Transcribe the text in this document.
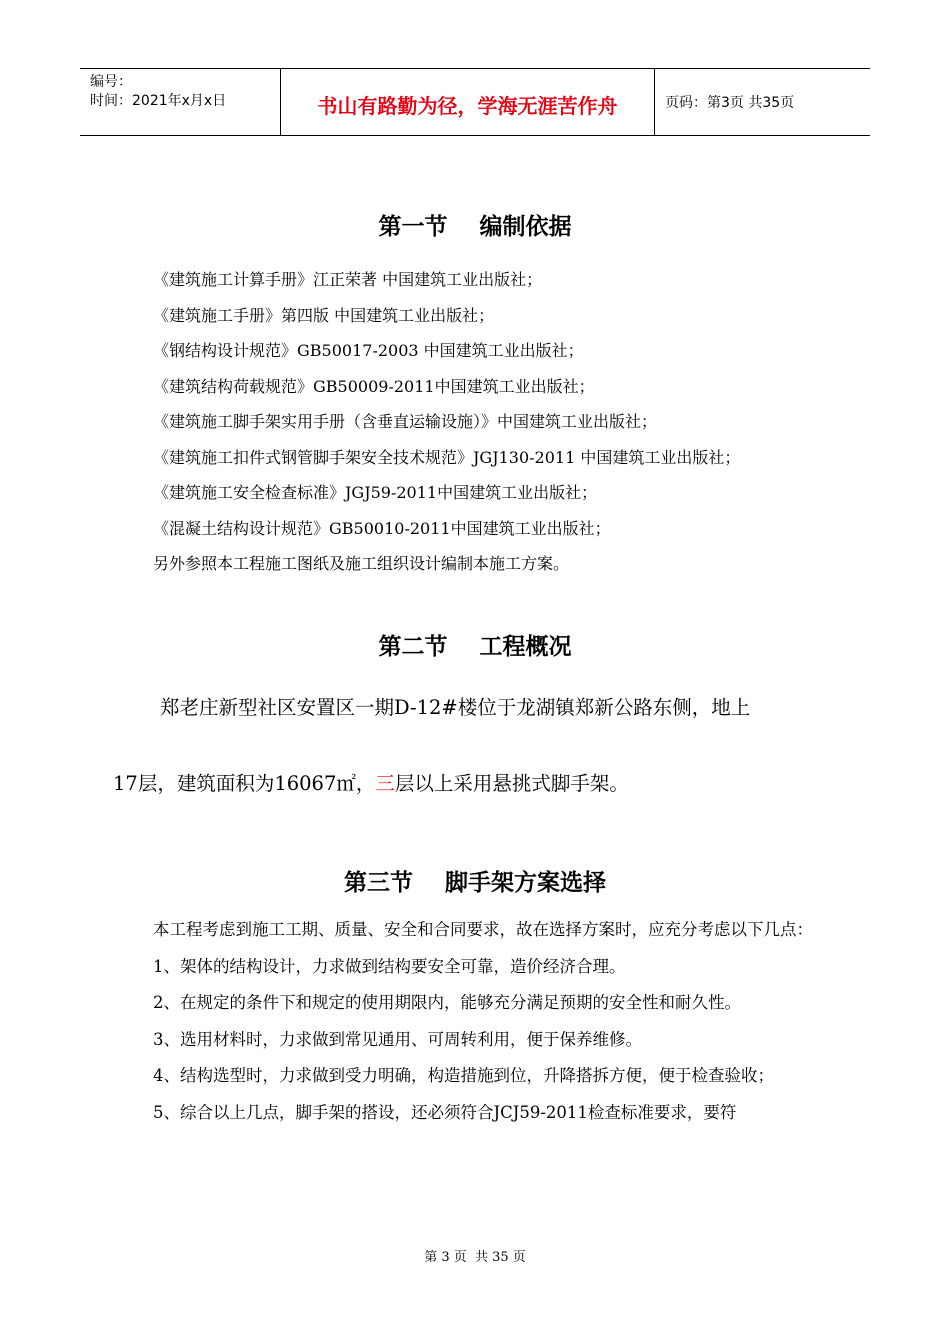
编号：
时间：2021年x月x日	书山有路勤为径，学海无涯苦作舟	页码：第3页 共35页
第一节    编制依据
《建筑施工计算手册》江正荣著 中国建筑工业出版社；
《建筑施工手册》第四版 中国建筑工业出版社；
《钢结构设计规范》GB50017-2003 中国建筑工业出版社；
《建筑结构荷载规范》GB50009-2011中国建筑工业出版社；
《建筑施工脚手架实用手册（含垂直运输设施）》中国建筑工业出版社；
《建筑施工扣件式钢管脚手架安全技术规范》JGJ130-2011 中国建筑工业出版社；
《建筑施工安全检查标准》JGJ59-2011中国建筑工业出版社；
《混凝土结构设计规范》GB50010-2011中国建筑工业出版社；
另外参照本工程施工图纸及施工组织设计编制本施工方案。
第二节    工程概况
郑老庄新型社区安置区一期D-12#楼位于龙湖镇郑新公路东侧，地上
17层，建筑面积为16067㎡，三层以上采用悬挑式脚手架。
第三节    脚手架方案选择
本工程考虑到施工工期、质量、安全和合同要求，故在选择方案时，应充分考虑以下几点：
1、架体的结构设计，力求做到结构要安全可靠，造价经济合理。
2、在规定的条件下和规定的使用期限内，能够充分满足预期的安全性和耐久性。
3、选用材料时，力求做到常见通用、可周转利用，便于保养维修。
4、结构选型时，力求做到受力明确，构造措施到位，升降搭拆方便，便于检查验收；
5、综合以上几点，脚手架的搭设，还必须符合JCJ59-2011检查标准要求，要符
第 3 页  共 35 页
